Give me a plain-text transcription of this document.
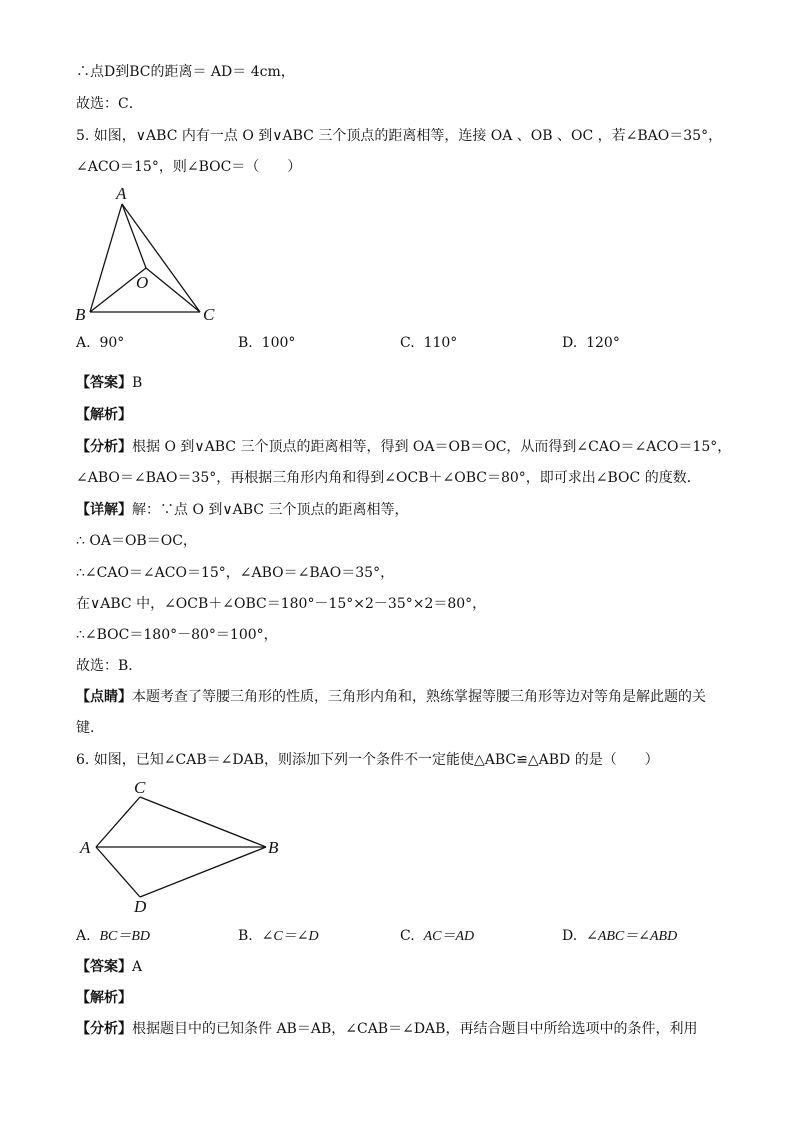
∴点D到BC的距离＝ AD＝ 4cm，
故选：C．
5. 如图，∨ABC 内有一点 O 到∨ABC 三个顶点的距离相等，连接 OA 、OB 、OC ，若∠BAO＝35°，
∠ACO＝15°，则∠BOC＝（　　）
A
B	C
O
A. 90°	B. 100°	C. 110°	D. 120°
【答案】B
【解析】
【分析】根据 O 到∨ABC 三个顶点的距离相等，得到 OA＝OB＝OC，从而得到∠CAO＝∠ACO＝15°，
∠ABO＝∠BAO＝35°，再根据三角形内角和得到∠OCB＋∠OBC＝80°，即可求出∠BOC 的度数．
【详解】解：∵点 O 到∨ABC 三个顶点的距离相等，
∴ OA＝OB＝OC，
∴∠CAO＝∠ACO＝15°，∠ABO＝∠BAO＝35°，
在∨ABC 中，∠OCB＋∠OBC＝180°－15°×2－35°×2＝80°，
∴∠BOC＝180°－80°＝100°，
故选：B．
【点睛】本题考查了等腰三角形的性质，三角形内角和，熟练掌握等腰三角形等边对等角是解此题的关
键．
6. 如图，已知∠CAB＝∠DAB，则添加下列一个条件不一定能使△ABC≌△ABD 的是（　　）
C
A	B
D
A. BC＝BD	B. ∠C＝∠D	C. AC＝AD	D. ∠ABC＝∠ABD
【答案】A
【解析】
【分析】根据题目中的已知条件 AB＝AB，∠CAB＝∠DAB，再结合题目中所给选项中的条件，利用
